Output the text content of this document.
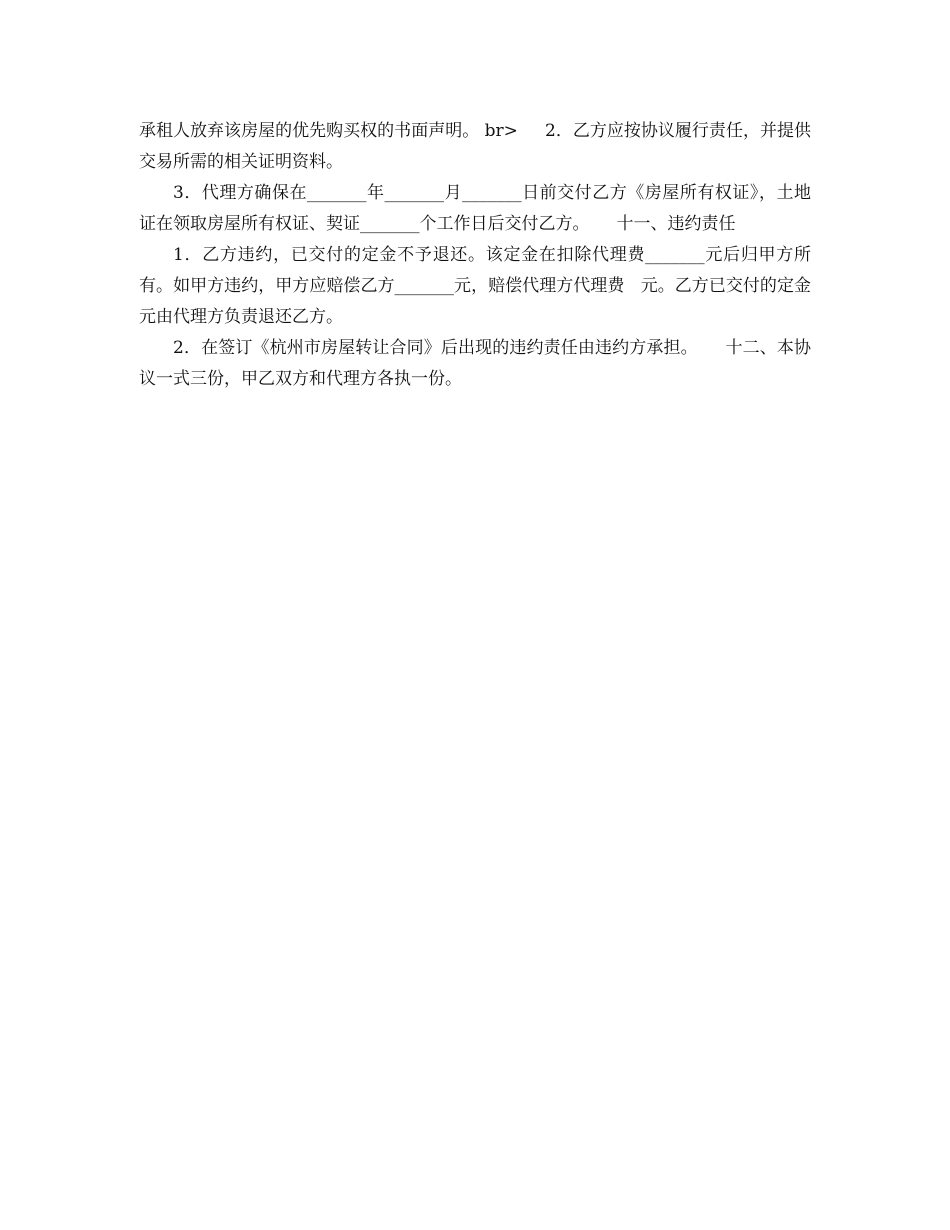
承租人放弃该房屋的优先购买权的书面声明。 br>     2．乙方应按协议履行责任，并提供交易所需的相关证明资料。

3．代理方确保在_______年_______月_______日前交付乙方《房屋所有权证》，土地证在领取房屋所有权证、契证_______个工作日后交付乙方。     十一、违约责任

1．乙方违约，已交付的定金不予退还。该定金在扣除代理费_______元后归甲方所有。如甲方违约，甲方应赔偿乙方_______元，赔偿代理方代理费   元。乙方已交付的定金   元由代理方负责退还乙方。

2．在签订《杭州市房屋转让合同》后出现的违约责任由违约方承担。     十二、本协议一式三份，甲乙双方和代理方各执一份。
